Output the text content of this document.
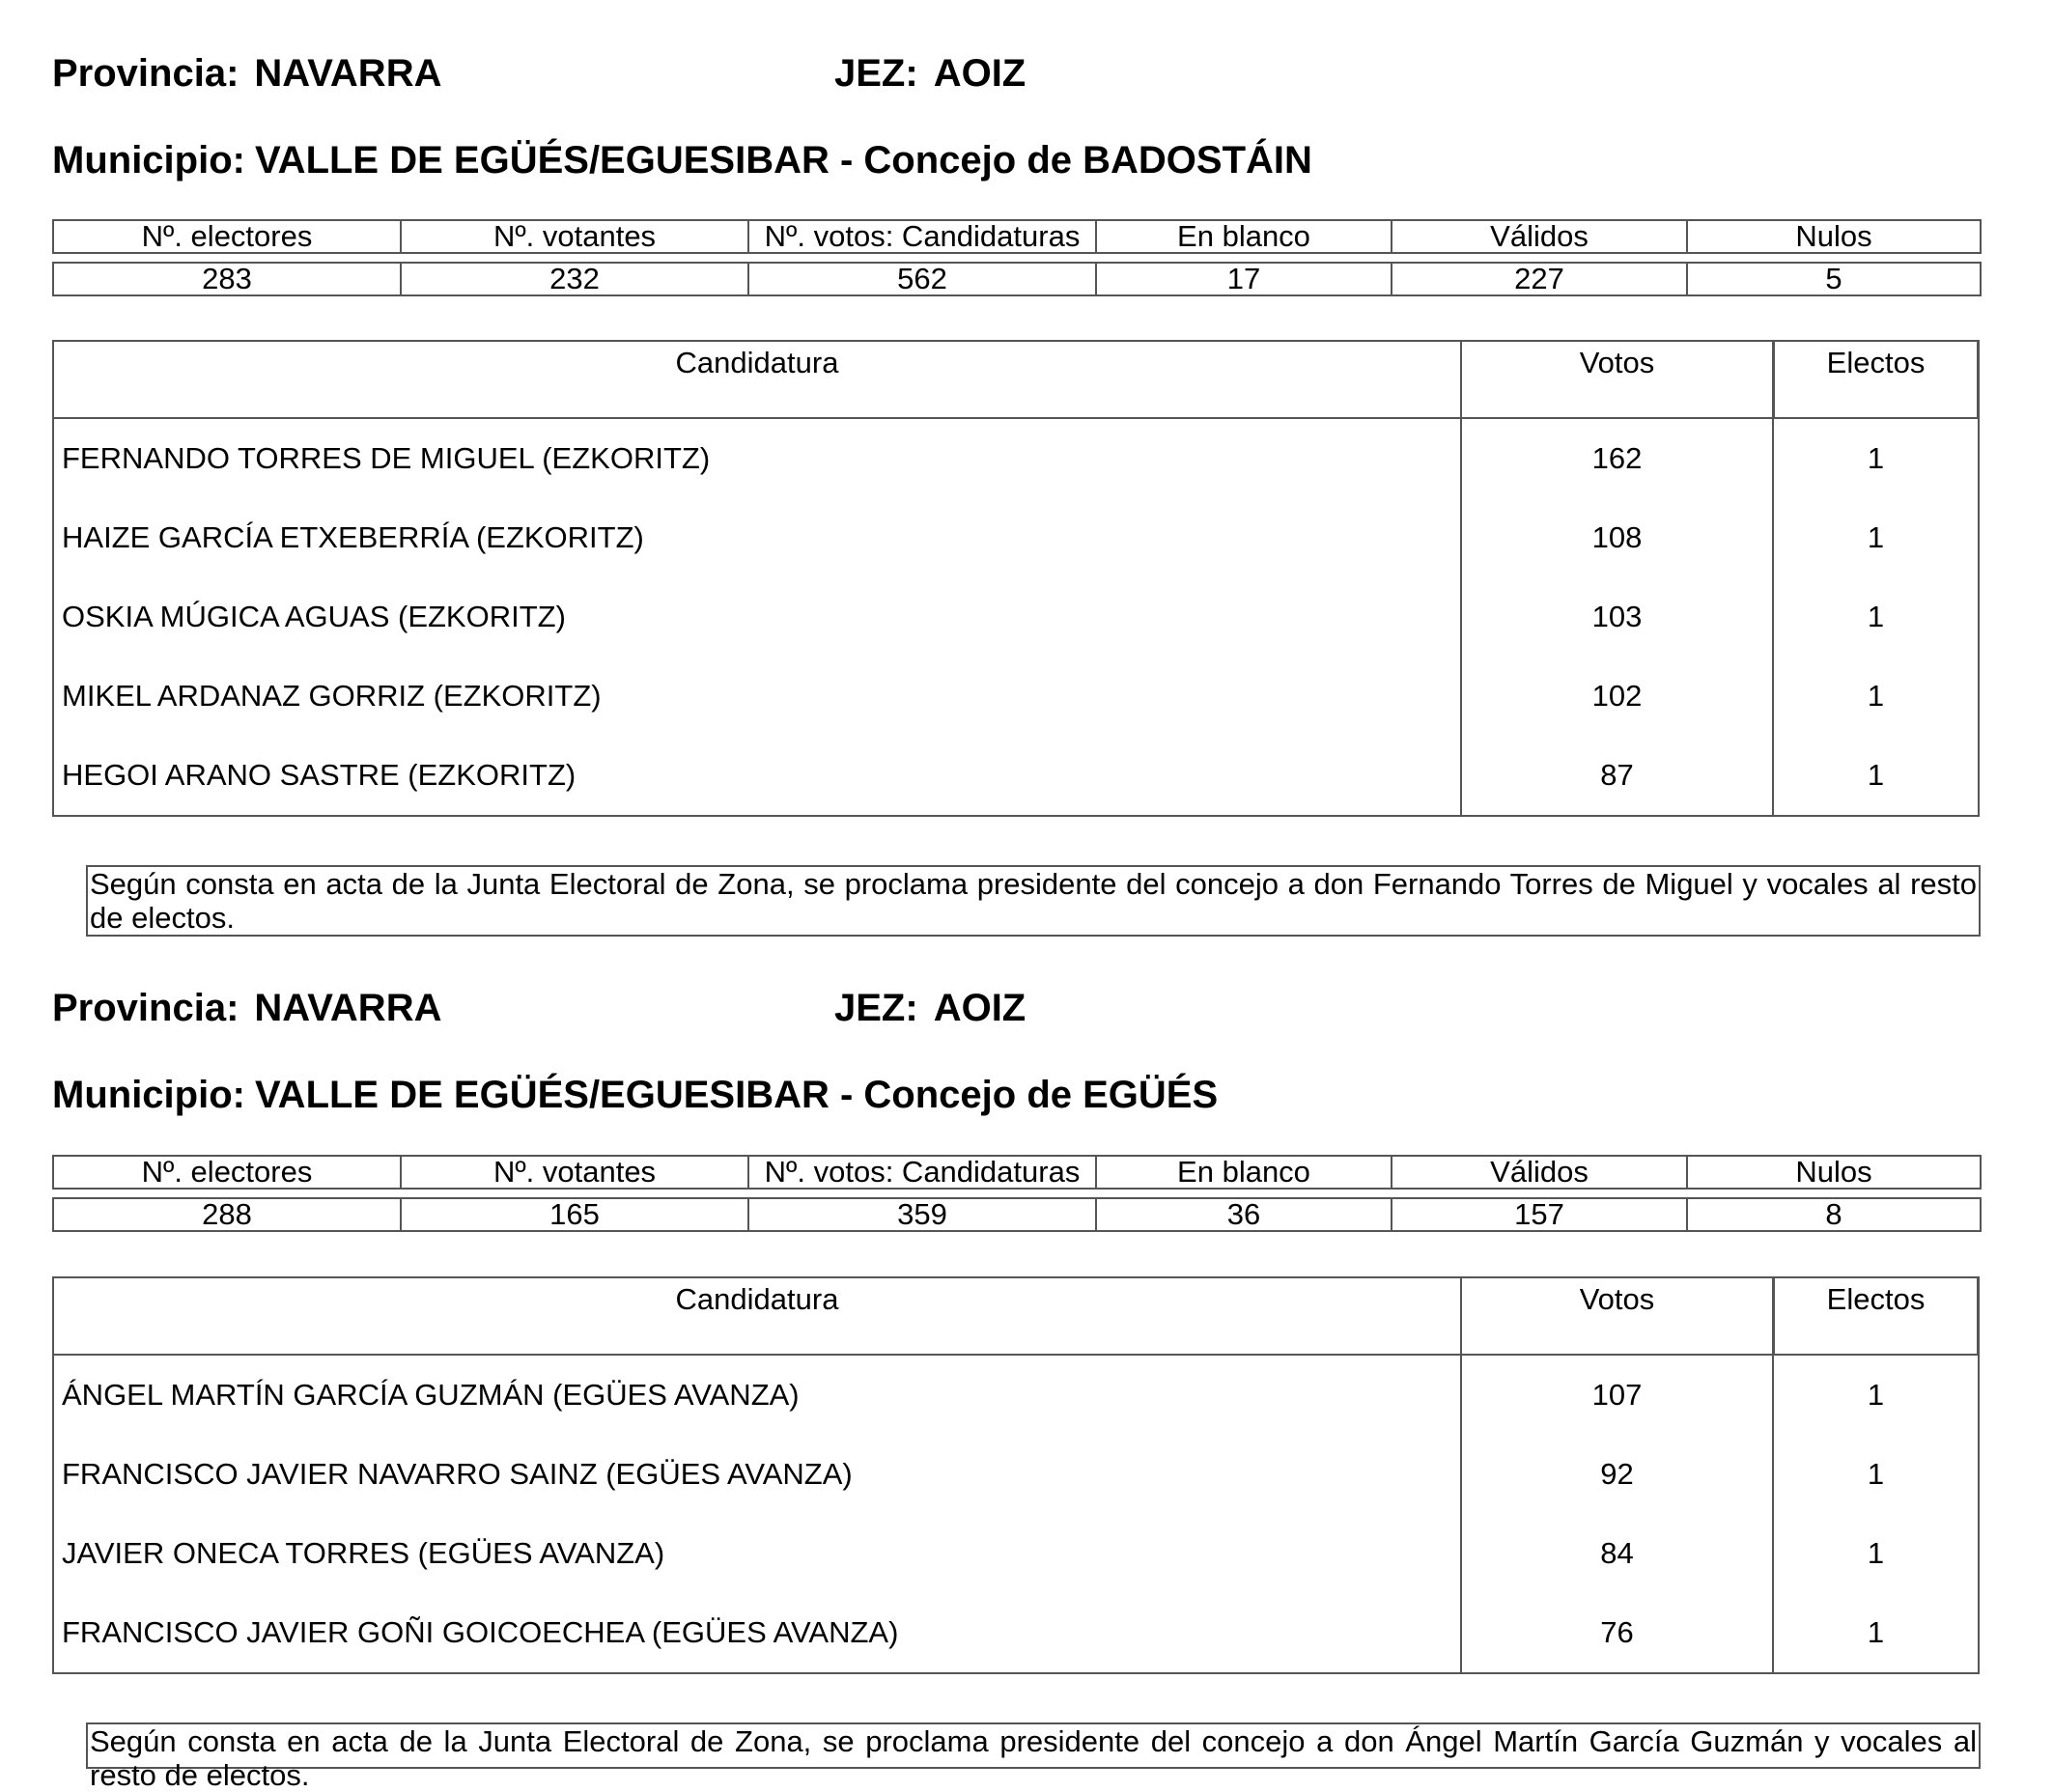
Provincia: NAVARRA	JEZ: AOIZ
Municipio: VALLE DE EGÜÉS/EGUESIBAR - Concejo de BADOSTÁIN
Nº. electores	Nº. votantes	Nº. votos: Candidaturas	En blanco	Válidos	Nulos

283	232	562	17	227	5
Candidatura	Votos	Electos
FERNANDO TORRES DE MIGUEL (EZKORITZ)	162	1
HAIZE GARCÍA ETXEBERRÍA (EZKORITZ)	108	1
OSKIA MÚGICA AGUAS (EZKORITZ)	103	1
MIKEL ARDANAZ GORRIZ (EZKORITZ)	102	1
HEGOI ARANO SASTRE (EZKORITZ)	87	1
Según consta en acta de la Junta Electoral de Zona, se proclama presidente del concejo a don Fernando Torres de Miguel y vocales al resto de electos.
Provincia: NAVARRA	JEZ: AOIZ
Municipio: VALLE DE EGÜÉS/EGUESIBAR - Concejo de EGÜÉS
Nº. electores	Nº. votantes	Nº. votos: Candidaturas	En blanco	Válidos	Nulos

288	165	359	36	157	8
Candidatura	Votos	Electos
ÁNGEL MARTÍN GARCÍA GUZMÁN (EGÜES AVANZA)	107	1
FRANCISCO JAVIER NAVARRO SAINZ (EGÜES AVANZA)	92	1
JAVIER ONECA TORRES (EGÜES AVANZA)	84	1
FRANCISCO JAVIER GOÑI GOICOECHEA (EGÜES AVANZA)	76	1
Según consta en acta de la Junta Electoral de Zona, se proclama presidente del concejo a don Ángel Martín García Guzmán y vocales al resto de electos.
